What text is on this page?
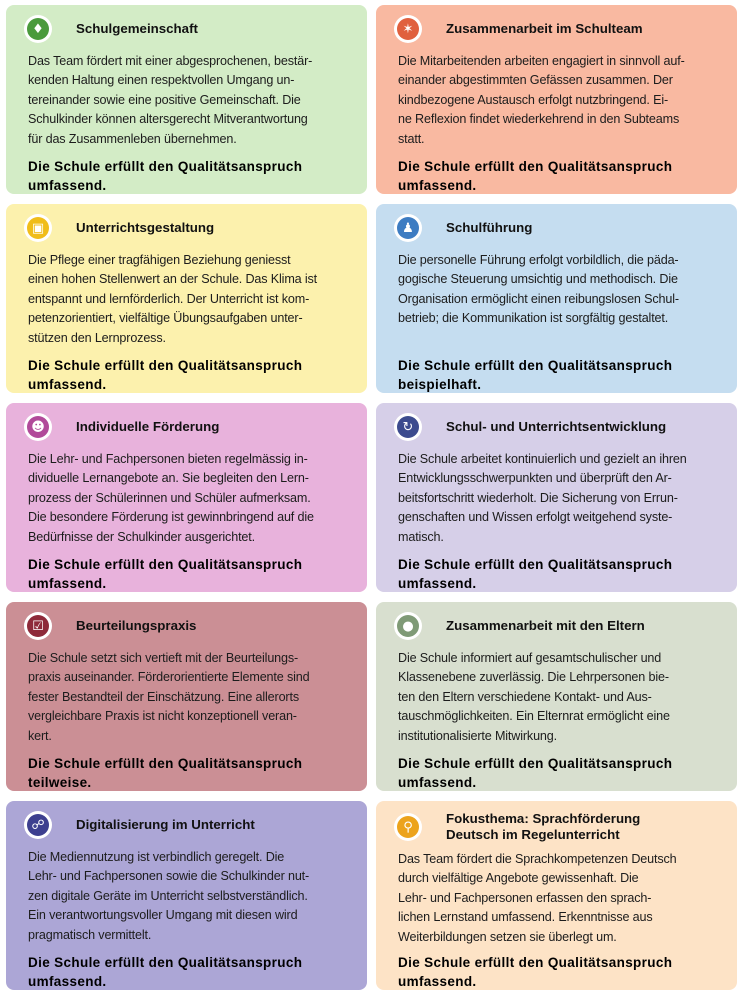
♦	Schulgemeinschaft
Das Team fördert mit einer abgesprochenen, bestär-
kenden Haltung einen respektvollen Umgang un-
tereinander sowie eine positive Gemeinschaft. Die
Schulkinder können altersgerecht Mitverantwortung
für das Zusammenleben übernehmen.
Die Schule erfüllt den Qualitätsanspruch
umfassend.
✶	Zusammenarbeit im Schulteam
Die Mitarbeitenden arbeiten engagiert in sinnvoll auf-
einander abgestimmten Gefässen zusammen. Der
kindbezogene Austausch erfolgt nutzbringend. Ei-
ne Reflexion findet wiederkehrend in den Subteams
statt.
Die Schule erfüllt den Qualitätsanspruch
umfassend.
▣	Unterrichtsgestaltung
Die Pflege einer tragfähigen Beziehung geniesst
einen hohen Stellenwert an der Schule. Das Klima ist
entspannt und lernförderlich. Der Unterricht ist kom-
petenzorientiert, vielfältige Übungsaufgaben unter-
stützen den Lernprozess.
Die Schule erfüllt den Qualitätsanspruch
umfassend.
♟	Schulführung
Die personelle Führung erfolgt vorbildlich, die päda-
gogische Steuerung umsichtig und methodisch. Die
Organisation ermöglicht einen reibungslosen Schul-
betrieb; die Kommunikation ist sorgfältig gestaltet.
Die Schule erfüllt den Qualitätsanspruch
beispielhaft.
☻	Individuelle Förderung
Die Lehr- und Fachpersonen bieten regelmässig in-
dividuelle Lernangebote an. Sie begleiten den Lern-
prozess der Schülerinnen und Schüler aufmerksam.
Die besondere Förderung ist gewinnbringend auf die
Bedürfnisse der Schulkinder ausgerichtet.
Die Schule erfüllt den Qualitätsanspruch
umfassend.
↻	Schul- und Unterrichtsentwicklung
Die Schule arbeitet kontinuierlich und gezielt an ihren
Entwicklungsschwerpunkten und überprüft den Ar-
beitsfortschritt wiederholt. Die Sicherung von Errun-
genschaften und Wissen erfolgt weitgehend syste-
matisch.
Die Schule erfüllt den Qualitätsanspruch
umfassend.
☑	Beurteilungspraxis
Die Schule setzt sich vertieft mit der Beurteilungs-
praxis auseinander. Förderorientierte Elemente sind
fester Bestandteil der Einschätzung. Eine allerorts
vergleichbare Praxis ist nicht konzeptionell veran-
kert.
Die Schule erfüllt den Qualitätsanspruch
teilweise.
●	Zusammenarbeit mit den Eltern
Die Schule informiert auf gesamtschulischer und
Klassenebene zuverlässig. Die Lehrpersonen bie-
ten den Eltern verschiedene Kontakt- und Aus-
tauschmöglichkeiten. Ein Elternrat ermöglicht eine
institutionalisierte Mitwirkung.
Die Schule erfüllt den Qualitätsanspruch
umfassend.
☍	Digitalisierung im Unterricht
Die Mediennutzung ist verbindlich geregelt. Die
Lehr- und Fachpersonen sowie die Schulkinder nut-
zen digitale Geräte im Unterricht selbstverständlich.
Ein verantwortungsvoller Umgang mit diesen wird
pragmatisch vermittelt.
Die Schule erfüllt den Qualitätsanspruch
umfassend.
⚲
Fokusthema: Sprachförderung
Deutsch im Regelunterricht
Das Team fördert die Sprachkompetenzen Deutsch
durch vielfältige Angebote gewissenhaft. Die
Lehr- und Fachpersonen erfassen den sprach-
lichen Lernstand umfassend. Erkenntnisse aus
Weiterbildungen setzen sie überlegt um.
Die Schule erfüllt den Qualitätsanspruch
umfassend.
